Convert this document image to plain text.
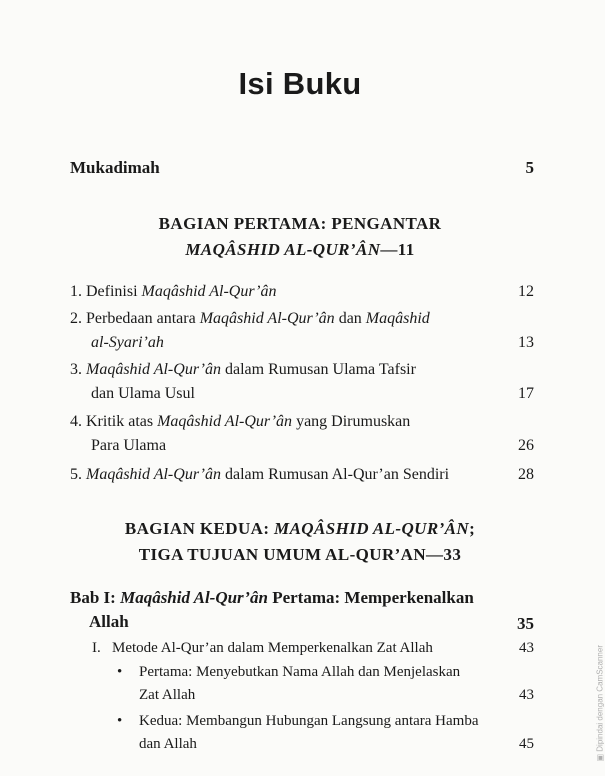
Isi Buku
Mukadimah	5
BAGIAN PERTAMA: PENGANTAR
MAQÂSHID AL-QUR’ÂN—11
1. Definisi Maqâshid Al-Qur’ân	12
2. Perbedaan antara Maqâshid Al-Qur’ân dan Maqâshid
al-Syari’ah	13
3. Maqâshid Al-Qur’ân dalam Rumusan Ulama Tafsir
dan Ulama Usul	17
4. Kritik atas Maqâshid Al-Qur’ân yang Dirumuskan
Para Ulama	26
5. Maqâshid Al-Qur’ân dalam Rumusan Al-Qur’an Sendiri	28
BAGIAN KEDUA: MAQÂSHID AL-QUR’ÂN;
TIGA TUJUAN UMUM AL-QUR’AN—33
Bab I: Maqâshid Al-Qur’ân Pertama: Memperkenalkan
Allah	35
I. Metode Al-Qur’an dalam Memperkenalkan Zat Allah	43
• Pertama: Menyebutkan Nama Allah dan Menjelaskan
Zat Allah	43
• Kedua: Membangun Hubungan Langsung antara Hamba
dan Allah	45
▣ Dipindai dengan CamScanner
